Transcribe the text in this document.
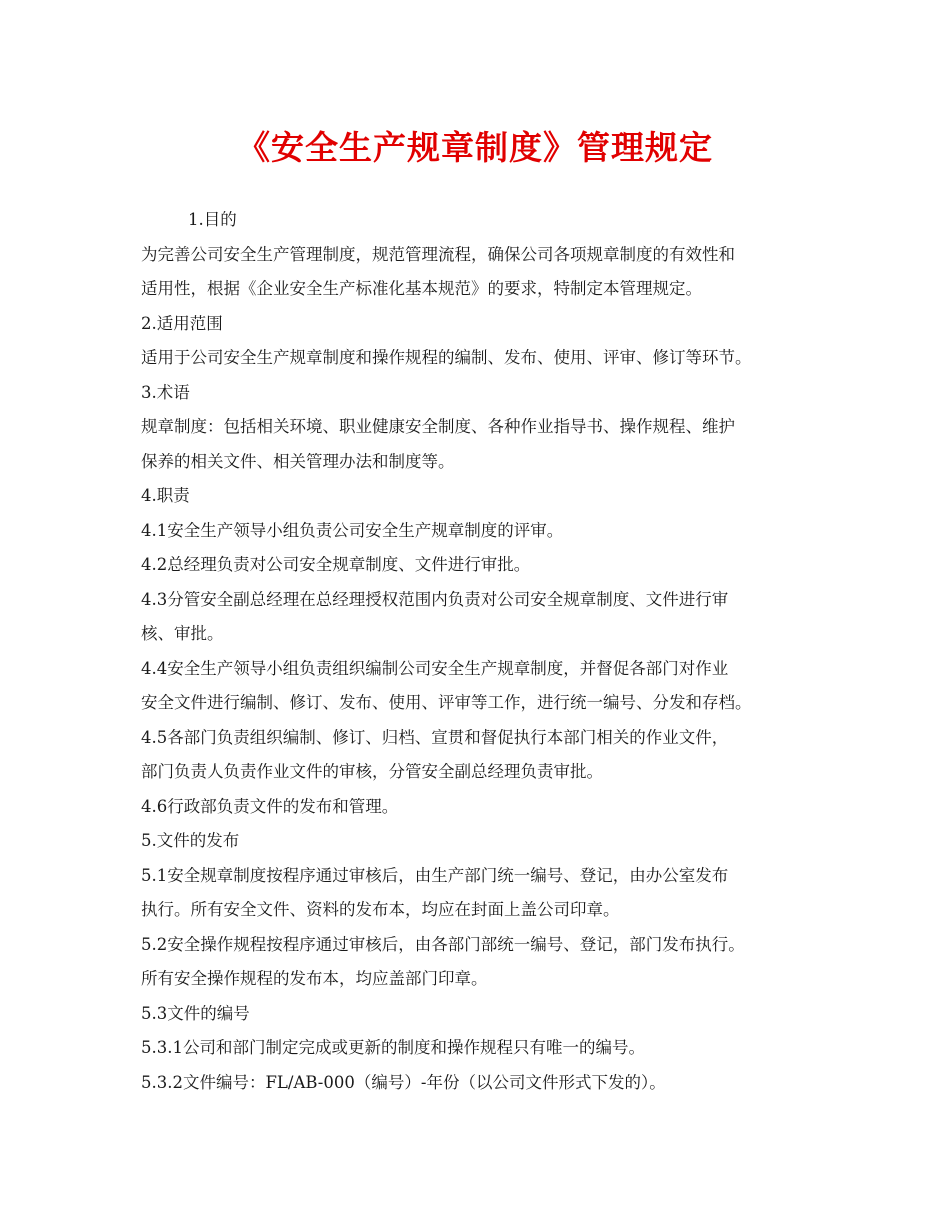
《安全生产规章制度》管理规定
1.目的
为完善公司安全生产管理制度，规范管理流程，确保公司各项规章制度的有效性和
适用性，根据《企业安全生产标准化基本规范》的要求，特制定本管理规定。
2.适用范围
适用于公司安全生产规章制度和操作规程的编制、发布、使用、评审、修订等环节。
3.术语
规章制度：包括相关环境、职业健康安全制度、各种作业指导书、操作规程、维护
保养的相关文件、相关管理办法和制度等。
4.职责
4.1安全生产领导小组负责公司安全生产规章制度的评审。
4.2总经理负责对公司安全规章制度、文件进行审批。
4.3分管安全副总经理在总经理授权范围内负责对公司安全规章制度、文件进行审
核、审批。
4.4安全生产领导小组负责组织编制公司安全生产规章制度，并督促各部门对作业
安全文件进行编制、修订、发布、使用、评审等工作，进行统一编号、分发和存档。
4.5各部门负责组织编制、修订、归档、宣贯和督促执行本部门相关的作业文件，
部门负责人负责作业文件的审核，分管安全副总经理负责审批。
4.6行政部负责文件的发布和管理。
5.文件的发布
5.1安全规章制度按程序通过审核后，由生产部门统一编号、登记，由办公室发布
执行。所有安全文件、资料的发布本，均应在封面上盖公司印章。
5.2安全操作规程按程序通过审核后，由各部门部统一编号、登记，部门发布执行。
所有安全操作规程的发布本，均应盖部门印章。
5.3文件的编号
5.3.1公司和部门制定完成或更新的制度和操作规程只有唯一的编号。
5.3.2文件编号：FL/AB-000（编号）-年份（以公司文件形式下发的）。
